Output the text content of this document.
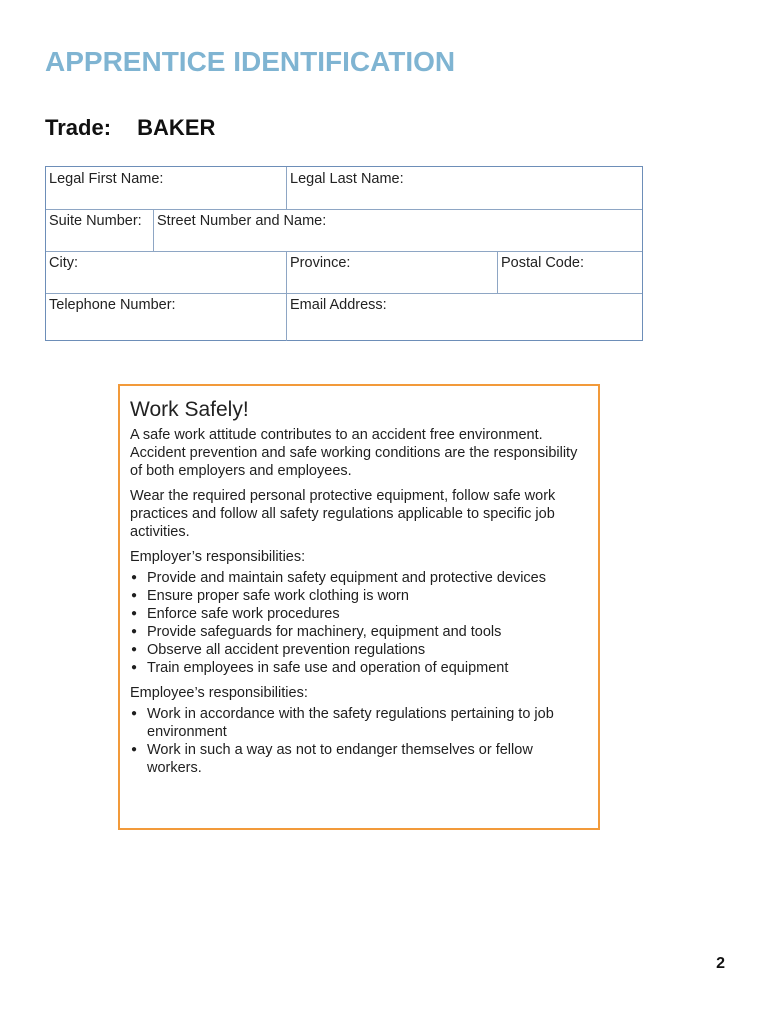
APPRENTICE IDENTIFICATION
Trade: BAKER
Legal First Name:	Legal Last Name:
Suite Number:	Street Number and Name:
City:	Province:	Postal Code:
Telephone Number:	Email Address:
Work Safely!

A safe work attitude contributes to an accident free environment. Accident prevention and safe working conditions are the responsibility of both employers and employees.

Wear the required personal protective equipment, follow safe work practices and follow all safety regulations applicable to specific job activities.

Employer’s responsibilities:

● Provide and maintain safety equipment and protective devices
● Ensure proper safe work clothing is worn
● Enforce safe work procedures
● Provide safeguards for machinery, equipment and tools
● Observe all accident prevention regulations
● Train employees in safe use and operation of equipment

Employee’s responsibilities:

● Work in accordance with the safety regulations pertaining to job environment
● Work in such a way as not to endanger themselves or fellow workers.
2
